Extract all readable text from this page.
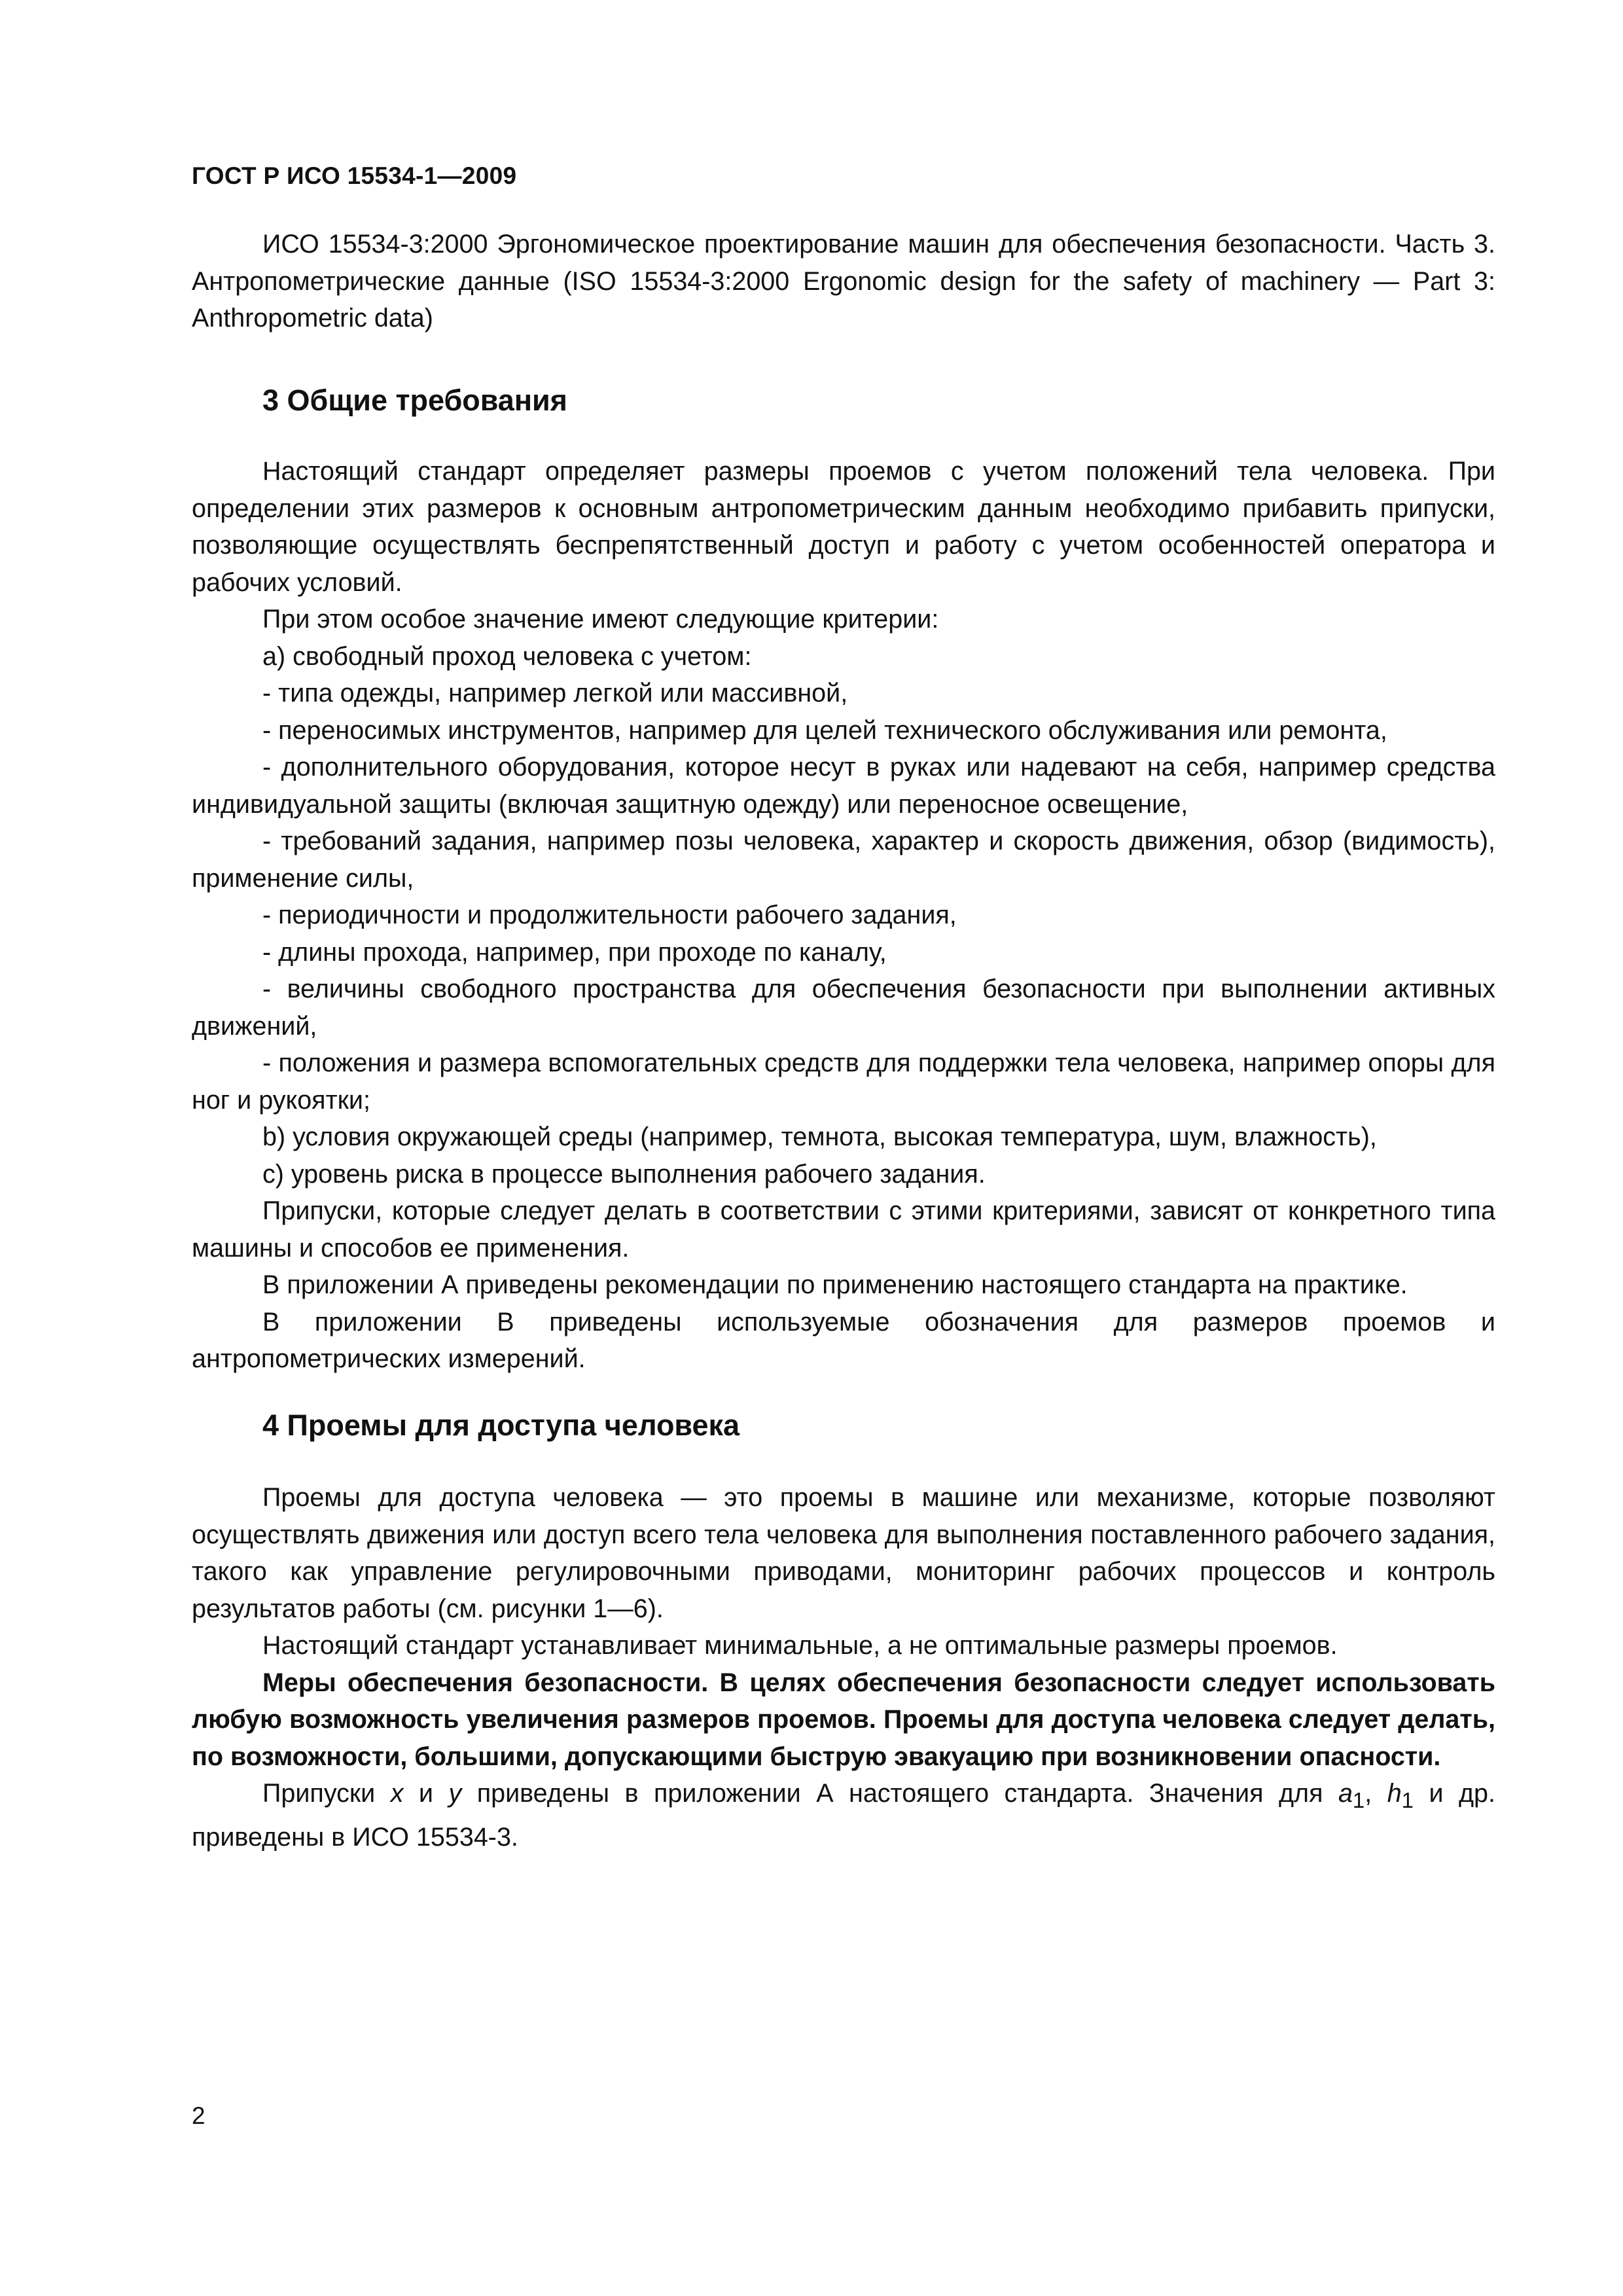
ГОСТ Р ИСО 15534-1—2009

ИСО 15534-3:2000 Эргономическое проектирование машин для обеспечения безопасности. Часть 3. Антропометрические данные (ISO 15534-3:2000 Ergonomic design for the safety of machinery — Part 3: Anthropometric data)

3 Общие требования

Настоящий стандарт определяет размеры проемов с учетом положений тела человека. При определении этих размеров к основным антропометрическим данным необходимо прибавить припуски, позволяющие осуществлять беспрепятственный доступ и работу с учетом особенностей оператора и рабочих условий.

При этом особое значение имеют следующие критерии:

а) свободный проход человека с учетом:

- типа одежды, например легкой или массивной,

- переносимых инструментов, например для целей технического обслуживания или ремонта,

- дополнительного оборудования, которое несут в руках или надевают на себя, например средства индивидуальной защиты (включая защитную одежду) или переносное освещение,

- требований задания, например позы человека, характер и скорость движения, обзор (видимость), применение силы,

- периодичности и продолжительности рабочего задания,

- длины прохода, например, при проходе по каналу,

- величины свободного пространства для обеспечения безопасности при выполнении активных движений,

- положения и размера вспомогательных средств для поддержки тела человека, например опоры для ног и рукоятки;

b) условия окружающей среды (например, темнота, высокая температура, шум, влажность),

c) уровень риска в процессе выполнения рабочего задания.

Припуски, которые следует делать в соответствии с этими критериями, зависят от конкретного типа машины и способов ее применения.

В приложении А приведены рекомендации по применению настоящего стандарта на практике.

В приложении В приведены используемые обозначения для размеров проемов и антропометрических измерений.

4 Проемы для доступа человека

Проемы для доступа человека — это проемы в машине или механизме, которые позволяют осуществлять движения или доступ всего тела человека для выполнения поставленного рабочего задания, такого как управление регулировочными приводами, мониторинг рабочих процессов и контроль результатов работы (см. рисунки 1—6).

Настоящий стандарт устанавливает минимальные, а не оптимальные размеры проемов.

Меры обеспечения безопасности. В целях обеспечения безопасности следует использовать любую возможность увеличения размеров проемов. Проемы для доступа человека следует делать, по возможности, большими, допускающими быструю эвакуацию при возникновении опасности.

Припуски x и y приведены в приложении А настоящего стандарта. Значения для $a_1$, $h_1$ и др. приведены в ИСО 15534-3.

2
